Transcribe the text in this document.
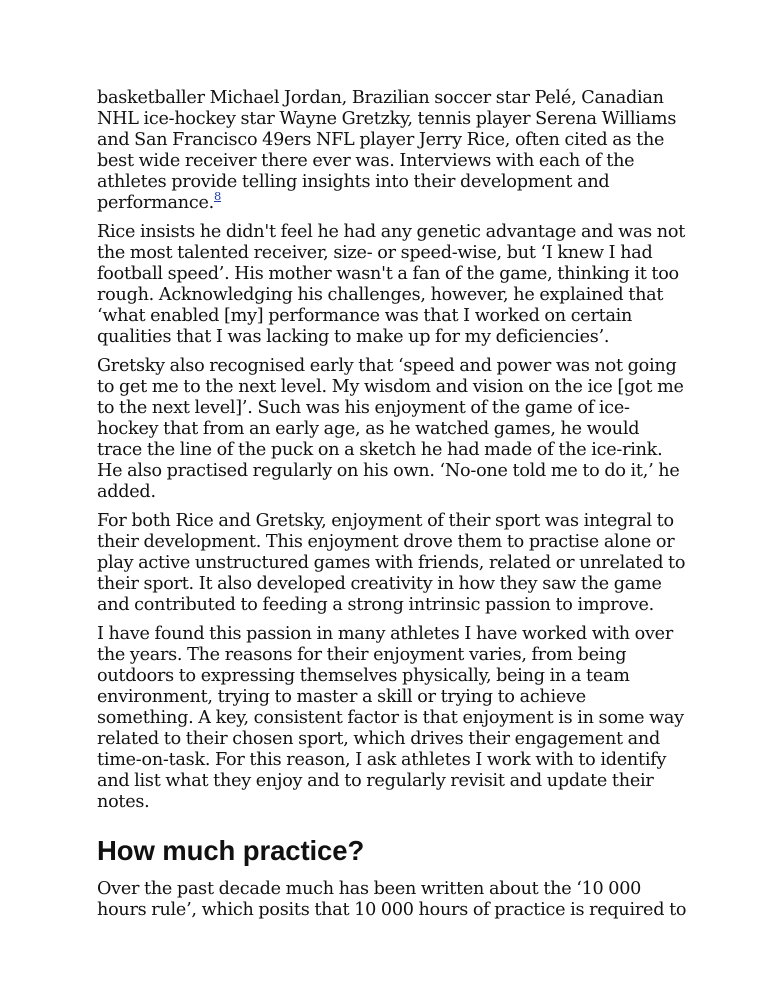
basketballer Michael Jordan, Brazilian soccer star Pelé, Canadian NHL ice-hockey star Wayne Gretzky, tennis player Serena Williams and San Francisco 49ers NFL player Jerry Rice, often cited as the best wide receiver there ever was. Interviews with each of the athletes provide telling insights into their development and performance.$^8$

Rice insists he didn't feel he had any genetic advantage and was not the most talented receiver, size- or speed-wise, but ‘I knew I had football speed’. His mother wasn't a fan of the game, thinking it too rough. Acknowledging his challenges, however, he explained that ‘what enabled [my] performance was that I worked on certain qualities that I was lacking to make up for my deficiencies’.

Gretsky also recognised early that ‘speed and power was not going to get me to the next level. My wisdom and vision on the ice [got me to the next level]’. Such was his enjoyment of the game of ice-hockey that from an early age, as he watched games, he would trace the line of the puck on a sketch he had made of the ice-rink. He also practised regularly on his own. ‘No-one told me to do it,’ he added.

For both Rice and Gretsky, enjoyment of their sport was integral to their development. This enjoyment drove them to practise alone or play active unstructured games with friends, related or unrelated to their sport. It also developed creativity in how they saw the game and contributed to feeding a strong intrinsic passion to improve.

I have found this passion in many athletes I have worked with over the years. The reasons for their enjoyment varies, from being outdoors to expressing themselves physically, being in a team environment, trying to master a skill or trying to achieve something. A key, consistent factor is that enjoyment is in some way related to their chosen sport, which drives their engagement and time-on-task. For this reason, I ask athletes I work with to identify and list what they enjoy and to regularly revisit and update their notes.

How much practice?

Over the past decade much has been written about the ‘10 000 hours rule’, which posits that 10 000 hours of practice is required to
